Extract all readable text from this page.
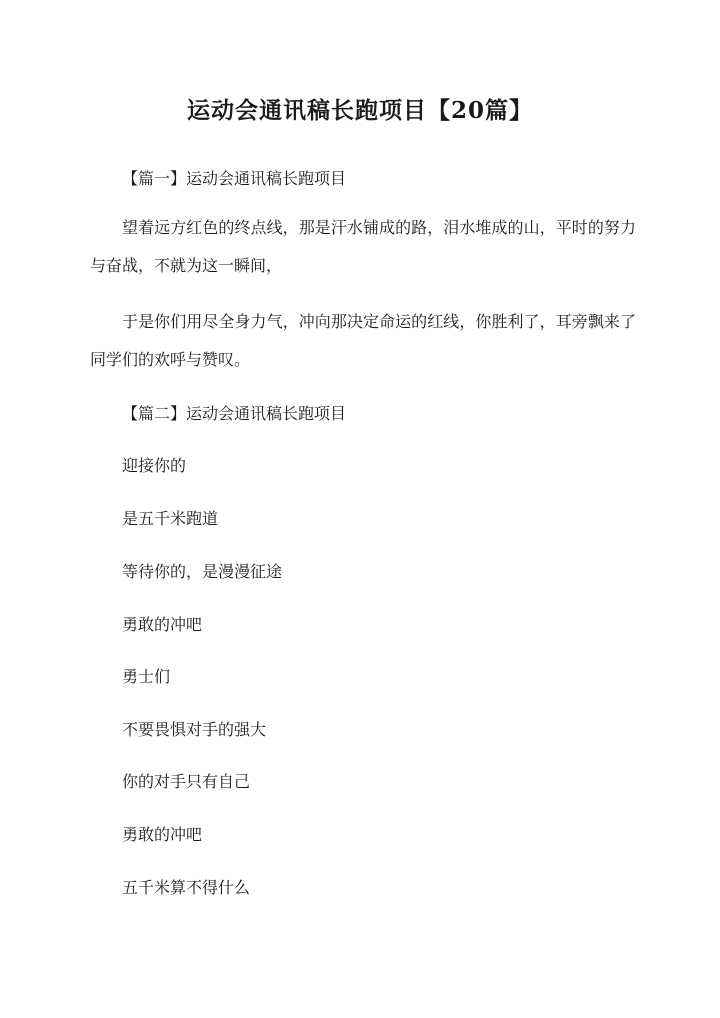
运动会通讯稿长跑项目【20篇】
【篇一】运动会通讯稿长跑项目
望着远方红色的终点线，那是汗水铺成的路，泪水堆成的山，平时的努力与奋战，不就为这一瞬间，
于是你们用尽全身力气，冲向那决定命运的红线，你胜利了，耳旁飘来了同学们的欢呼与赞叹。
【篇二】运动会通讯稿长跑项目
迎接你的
是五千米跑道
等待你的，是漫漫征途
勇敢的冲吧
勇士们
不要畏惧对手的强大
你的对手只有自己
勇敢的冲吧
五千米算不得什么
